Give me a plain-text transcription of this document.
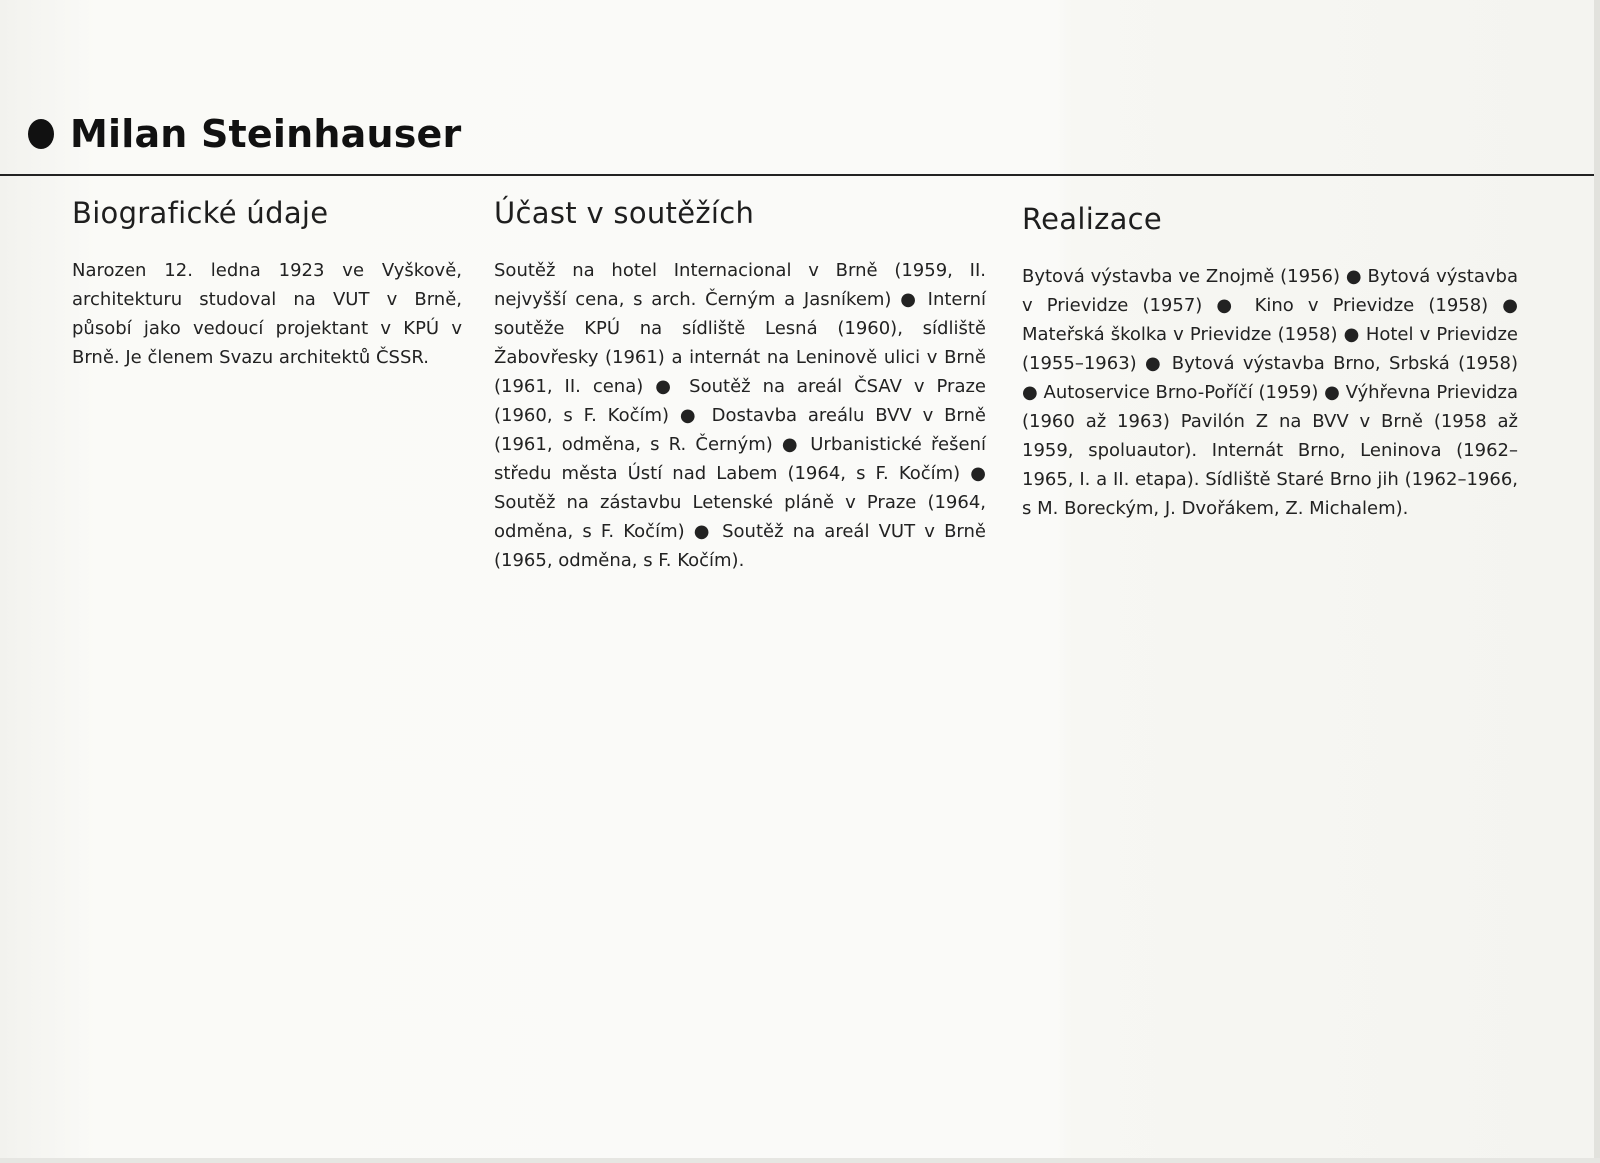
Milan Steinhauser
Biografické údaje

Narozen 12. ledna 1923 ve Vyškově, architekturu studoval na VUT v Brně, působí jako vedoucí projektant v KPÚ v Brně. Je členem Svazu architektů ČSSR.

Účast v soutěžích

Soutěž na hotel Internacional v Brně (1959, II. nejvyšší cena, s arch. Černým a Jasníkem) ● Interní soutěže KPÚ na sídliště Lesná (1960), sídliště Žabovřesky (1961) a internát na Leninově ulici v Brně (1961, II. cena) ● Soutěž na areál ČSAV v Praze (1960, s F. Kočím) ● Dostavba areálu BVV v Brně (1961, odměna, s R. Černým) ● Urbanistické řešení středu města Ústí nad Labem (1964, s F. Kočím) ● Soutěž na zástavbu Letenské pláně v Praze (1964, odměna, s F. Kočím) ● Soutěž na areál VUT v Brně (1965, odměna, s F. Kočím).

Realizace

Bytová výstavba ve Znojmě (1956) ● Bytová výstavba v Prievidze (1957) ● Kino v Prievidze (1958) ● Mateřská školka v Prievidze (1958) ● Hotel v Prievidze (1955–1963) ● Bytová výstavba Brno, Srbská (1958) ● Autoservice Brno-Poříčí (1959) ● Výhřevna Prievidza (1960 až 1963) Pavilón Z na BVV v Brně (1958 až 1959, spoluautor). Internát Brno, Leninova (1962–1965, I. a II. etapa). Sídliště Staré Brno jih (1962–1966, s M. Boreckým, J. Dvořákem, Z. Michalem).
